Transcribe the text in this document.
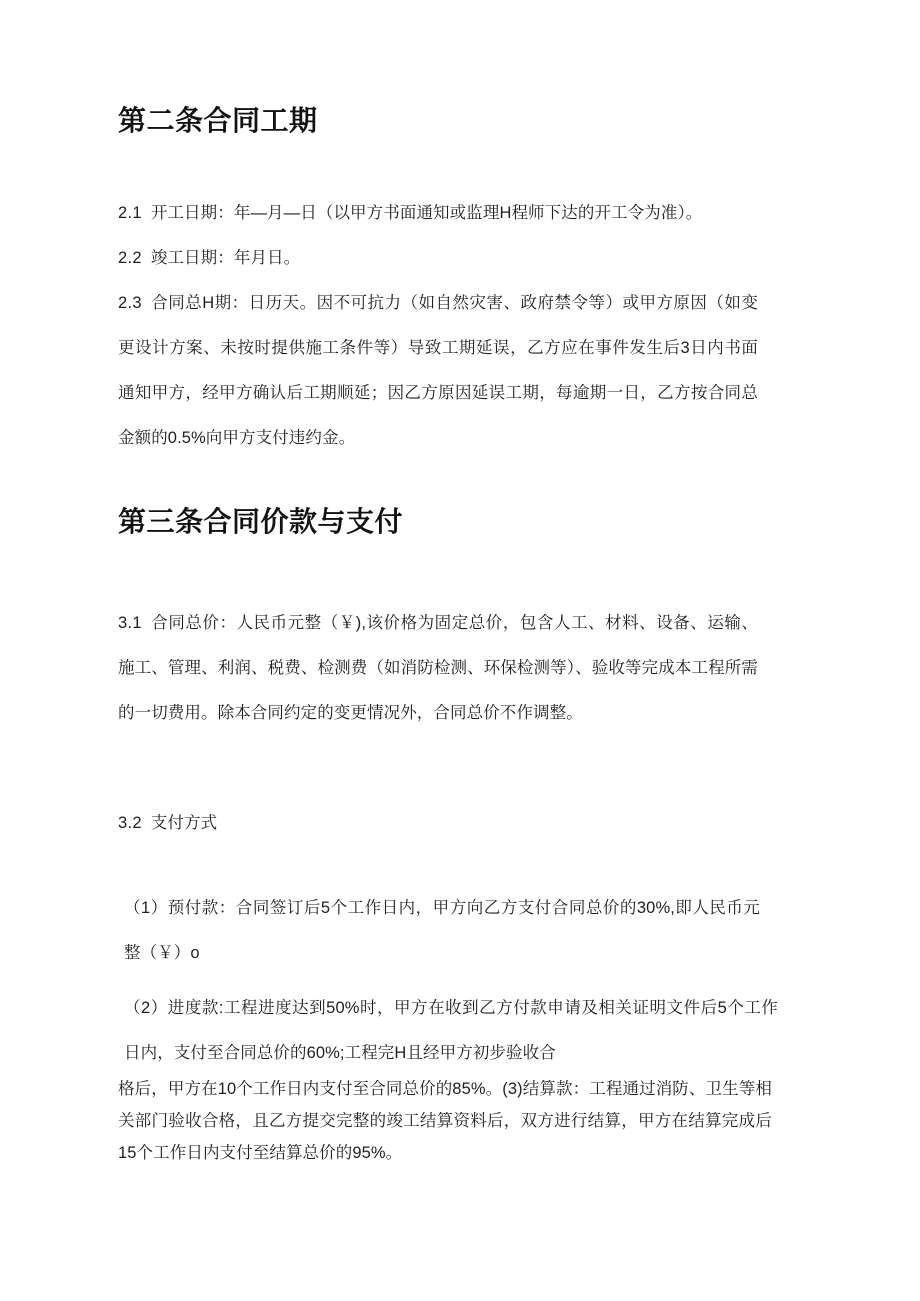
第二条合同工期
2.1 开工日期：年—月—日（以甲方书面通知或监理H程师下达的开工令为准）。
2.2 竣工日期：年月日。
2.3 合同总H期：日历天。因不可抗力（如自然灾害、政府禁令等）或甲方原因（如变更设计方案、未按时提供施工条件等）导致工期延误，乙方应在事件发生后3日内书面通知甲方，经甲方确认后工期顺延；因乙方原因延误工期，每逾期一日，乙方按合同总金额的0.5%向甲方支付违约金。
第三条合同价款与支付
3.1 合同总价：人民币元整（￥),该价格为固定总价，包含人工、材料、设备、运输、施工、管理、利润、税费、检测费（如消防检测、环保检测等）、验收等完成本工程所需的一切费用。除本合同约定的变更情况外，合同总价不作调整。
3.2 支付方式
（1）预付款：合同签订后5个工作日内，甲方向乙方支付合同总价的30%,即人民币元整（￥）o
（2）进度款:工程进度达到50%时，甲方在收到乙方付款申请及相关证明文件后5个工作日内，支付至合同总价的60%;工程完H且经甲方初步验收合
格后，甲方在10个工作日内支付至合同总价的85%。(3)结算款：工程通过消防、卫生等相关部门验收合格，且乙方提交完整的竣工结算资料后，双方进行结算，甲方在结算完成后15个工作日内支付至结算总价的95%。
